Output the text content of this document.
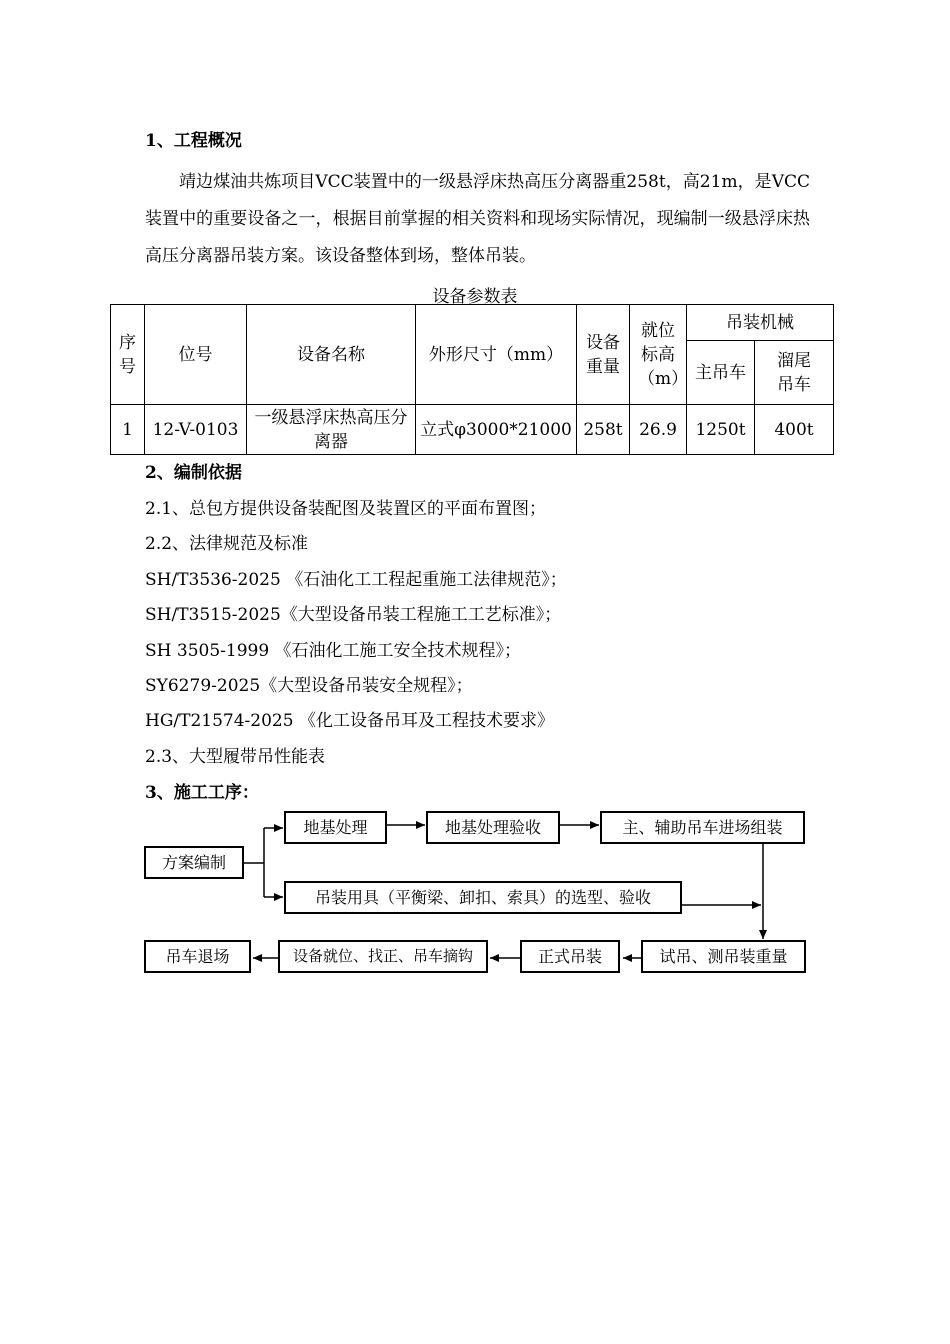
1、工程概况
靖边煤油共炼项目VCC装置中的一级悬浮床热高压分离器重258t，高21m，是VCC装置中的重要设备之一，根据目前掌握的相关资料和现场实际情况，现编制一级悬浮床热高压分离器吊装方案。该设备整体到场，整体吊装。
设备参数表
序号	位号	设备名称	外形尺寸（mm）	设备重量	就位标高（m）	吊装机械	
						主吊车	溜尾吊车

1	12-V-0103	一级悬浮床热高压分离器	立式φ3000*21000	258t	26.9	1250t	400t
2、编制依据
2.1、总包方提供设备装配图及装置区的平面布置图；
2.2、法律规范及标准
SH/T3536-2025 《石油化工工程起重施工法律规范》；
SH/T3515-2025《大型设备吊装工程施工工艺标准》；
SH 3505-1999 《石油化工施工安全技术规程》；
SY6279-2025《大型设备吊装安全规程》；
HG/T21574-2025 《化工设备吊耳及工程技术要求》
2.3、大型履带吊性能表
3、施工工序：
方案编制
地基处理	地基处理验收	主、辅助吊车进场组装
吊装用具（平衡梁、卸扣、索具）的选型、验收
试吊、测吊装重量
正式吊装
设备就位、找正、吊车摘钩
吊车退场
